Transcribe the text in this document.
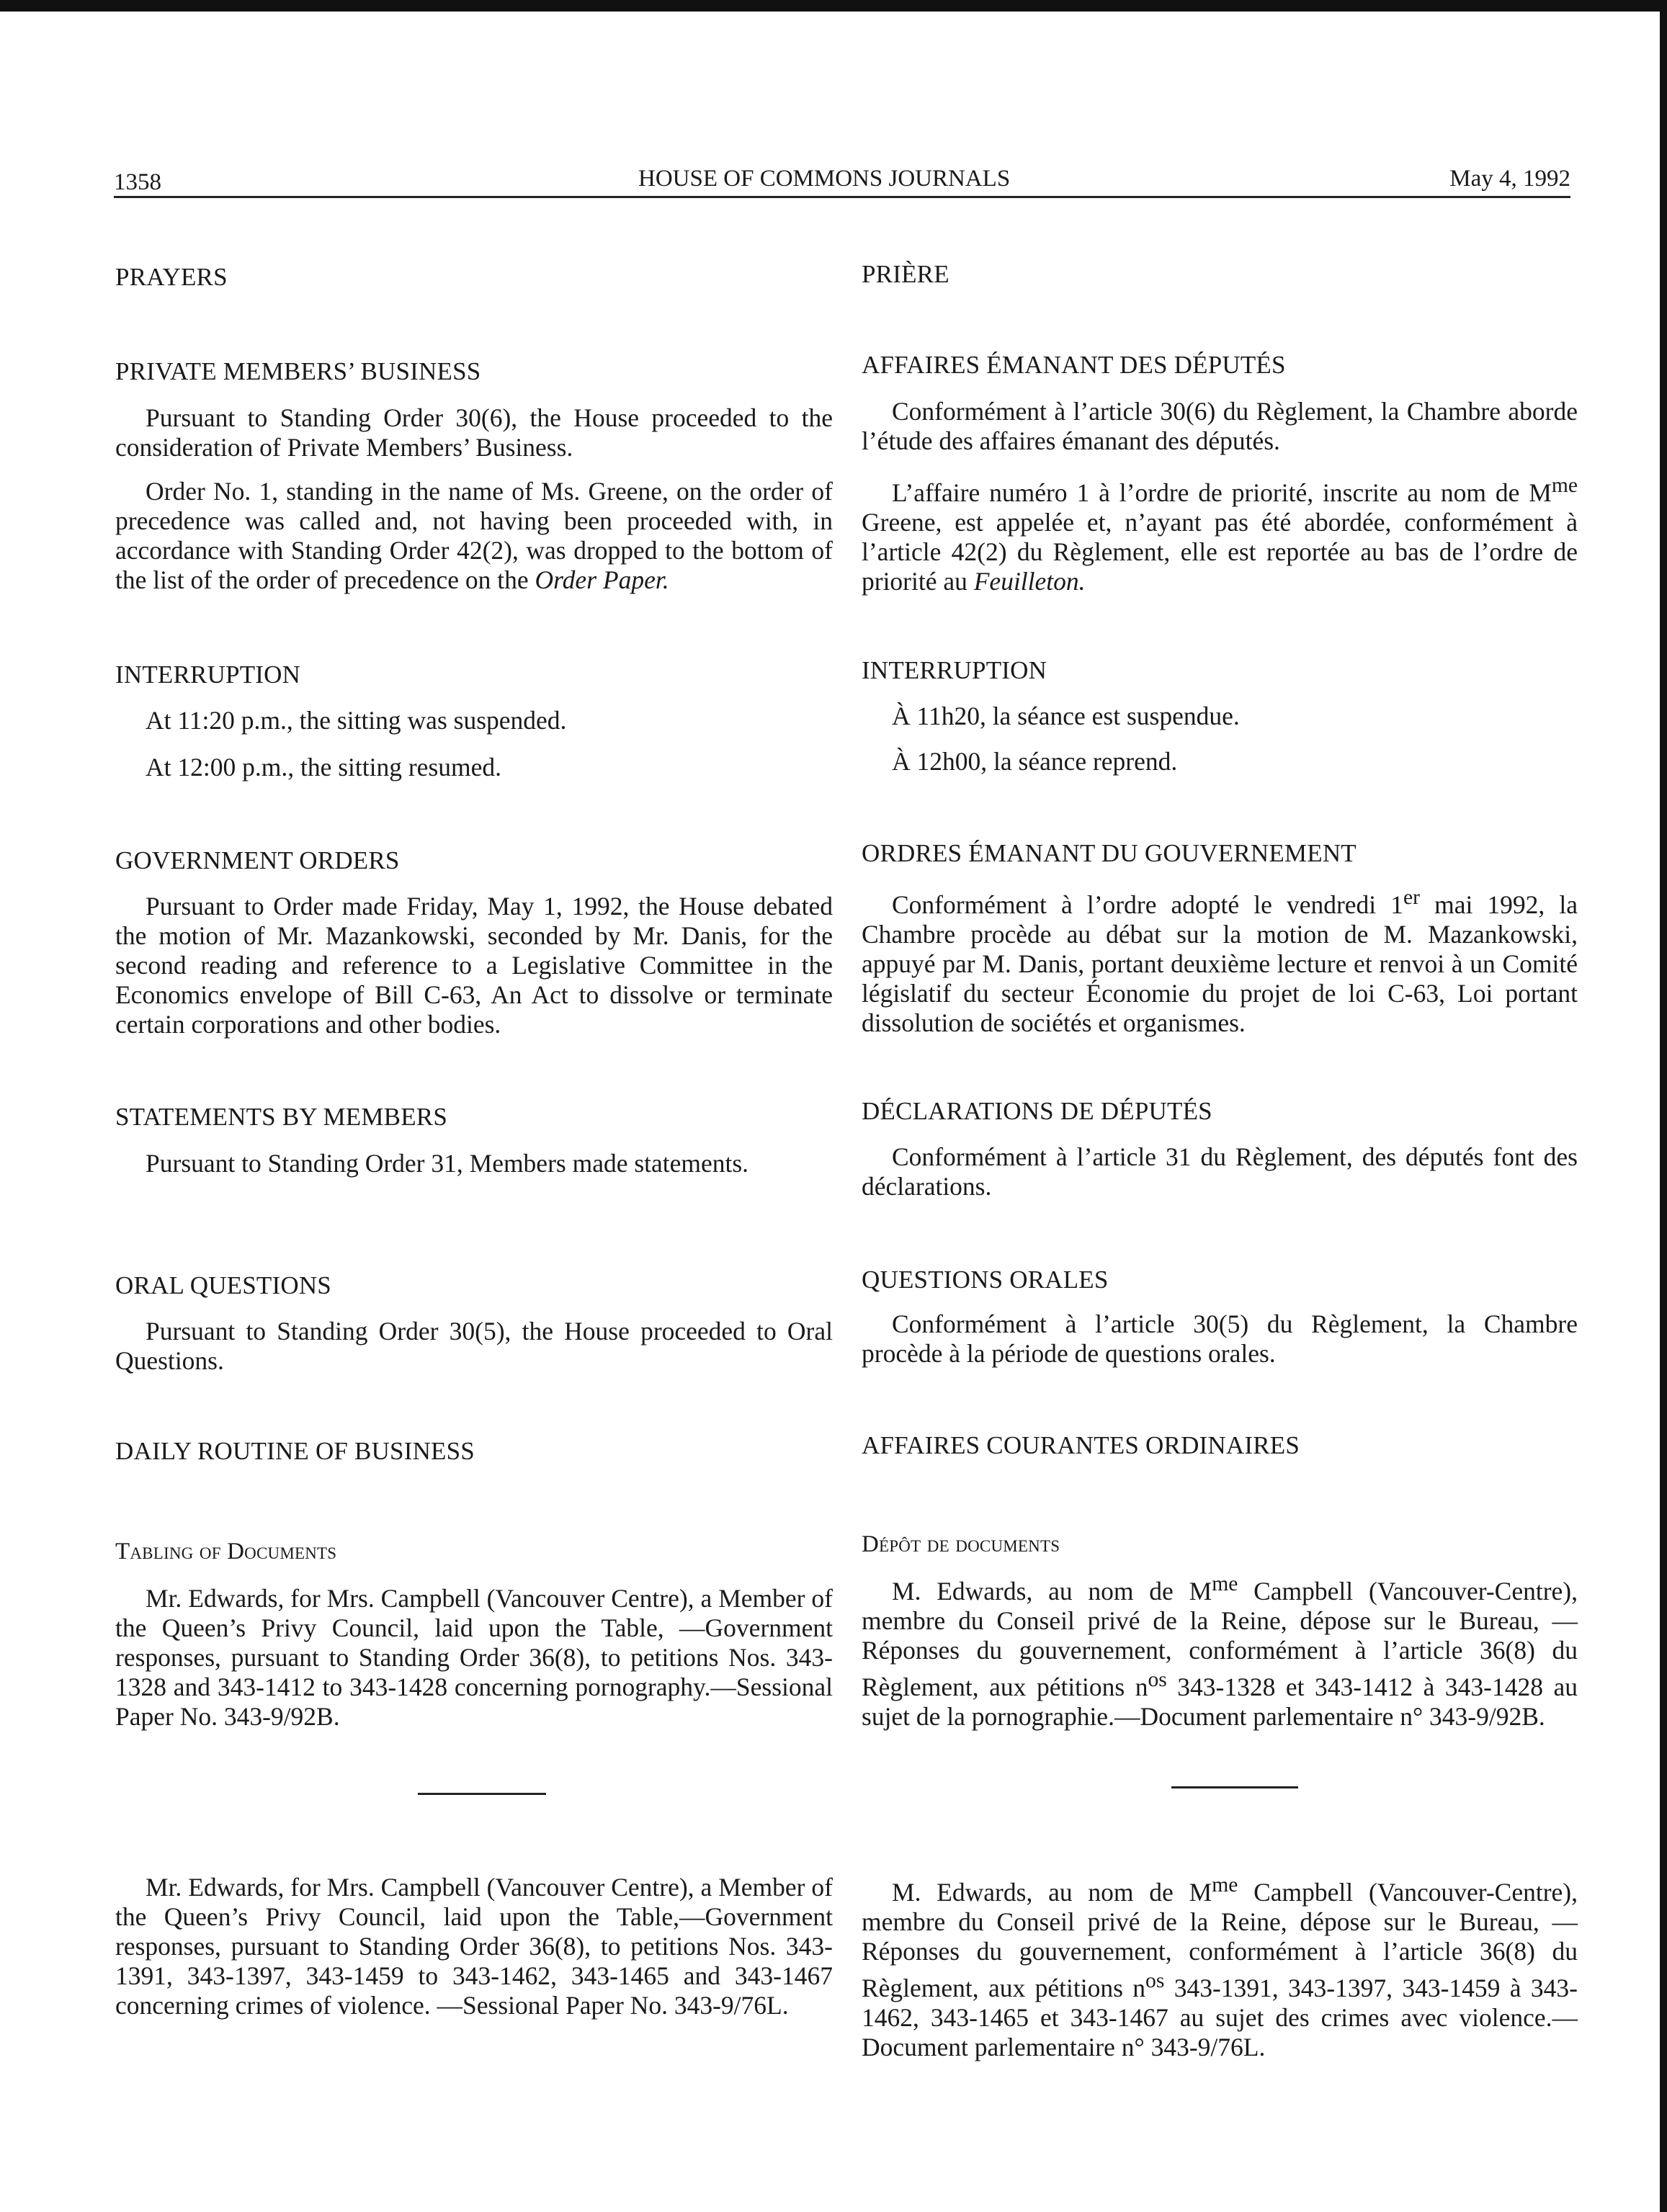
1358	HOUSE OF COMMONS JOURNALS	May 4, 1992
PRAYERS
PRIVATE MEMBERS’ BUSINESS
Pursuant to Standing Order 30(6), the House proceeded to the consideration of Private Members’ Business.
Order No. 1, standing in the name of Ms. Greene, on the order of precedence was called and, not having been proceeded with, in accordance with Standing Order 42(2), was dropped to the bottom of the list of the order of precedence on the Order Paper.
INTERRUPTION
At 11:20 p.m., the sitting was suspended.
At 12:00 p.m., the sitting resumed.
GOVERNMENT ORDERS
Pursuant to Order made Friday, May 1, 1992, the House debated the motion of Mr. Mazankowski, seconded by Mr. Danis, for the second reading and reference to a Legislative Committee in the Economics envelope of Bill C-63, An Act to dissolve or terminate certain corporations and other bodies.
STATEMENTS BY MEMBERS
Pursuant to Standing Order 31, Members made statements.
ORAL QUESTIONS
Pursuant to Standing Order 30(5), the House proceeded to Oral Questions.
DAILY ROUTINE OF BUSINESS
Tabling of Documents
Mr. Edwards, for Mrs. Campbell (Vancouver Centre), a Member of the Queen’s Privy Council, laid upon the Table, —Government responses, pursuant to Standing Order 36(8), to petitions Nos. 343-1328 and 343-1412 to 343-1428 concerning pornography.—Sessional Paper No. 343-9/92B.
Mr. Edwards, for Mrs. Campbell (Vancouver Centre), a Member of the Queen’s Privy Council, laid upon the Table,—Government responses, pursuant to Standing Order 36(8), to petitions Nos. 343-1391, 343-1397, 343-1459 to 343-1462, 343-1465 and 343-1467 concerning crimes of violence. —Sessional Paper No. 343-9/76L.
PRIÈRE
AFFAIRES ÉMANANT DES DÉPUTÉS
Conformément à l’article 30(6) du Règlement, la Chambre aborde l’étude des affaires émanant des députés.
L’affaire numéro 1 à l’ordre de priorité, inscrite au nom de $M^{me}$ Greene, est appelée et, n’ayant pas été abordée, conformément à l’article 42(2) du Règlement, elle est reportée au bas de l’ordre de priorité au Feuilleton.
INTERRUPTION
À 11h20, la séance est suspendue.
À 12h00, la séance reprend.
ORDRES ÉMANANT DU GOUVERNEMENT
Conformément à l’ordre adopté le vendredi 1er mai 1992, la Chambre procède au débat sur la motion de M. Mazankowski, appuyé par M. Danis, portant deuxième lecture et renvoi à un Comité législatif du secteur Économie du projet de loi C-63, Loi portant dissolution de sociétés et organismes.
DÉCLARATIONS DE DÉPUTÉS
Conformément à l’article 31 du Règlement, des députés font des déclarations.
QUESTIONS ORALES
Conformément à l’article 30(5) du Règlement, la Chambre procède à la période de questions orales.
AFFAIRES COURANTES ORDINAIRES
Dépôt de documents
M. Edwards, au nom de $M^{me}$ Campbell (Vancouver-Centre), membre du Conseil privé de la Reine, dépose sur le Bureau, —Réponses du gouvernement, conformément à l’article 36(8) du Règlement, aux pétitions $n^{os}$ 343-1328 et 343-1412 à 343-1428 au sujet de la pornographie.—Document parlementaire n° 343-9/92B.
M. Edwards, au nom de $M^{me}$ Campbell (Vancouver-Centre), membre du Conseil privé de la Reine, dépose sur le Bureau, —Réponses du gouvernement, conformément à l’article 36(8) du Règlement, aux pétitions $n^{os}$ 343-1391, 343-1397, 343-1459 à 343-1462, 343-1465 et 343-1467 au sujet des crimes avec violence.—Document parlementaire n° 343-9/76L.
